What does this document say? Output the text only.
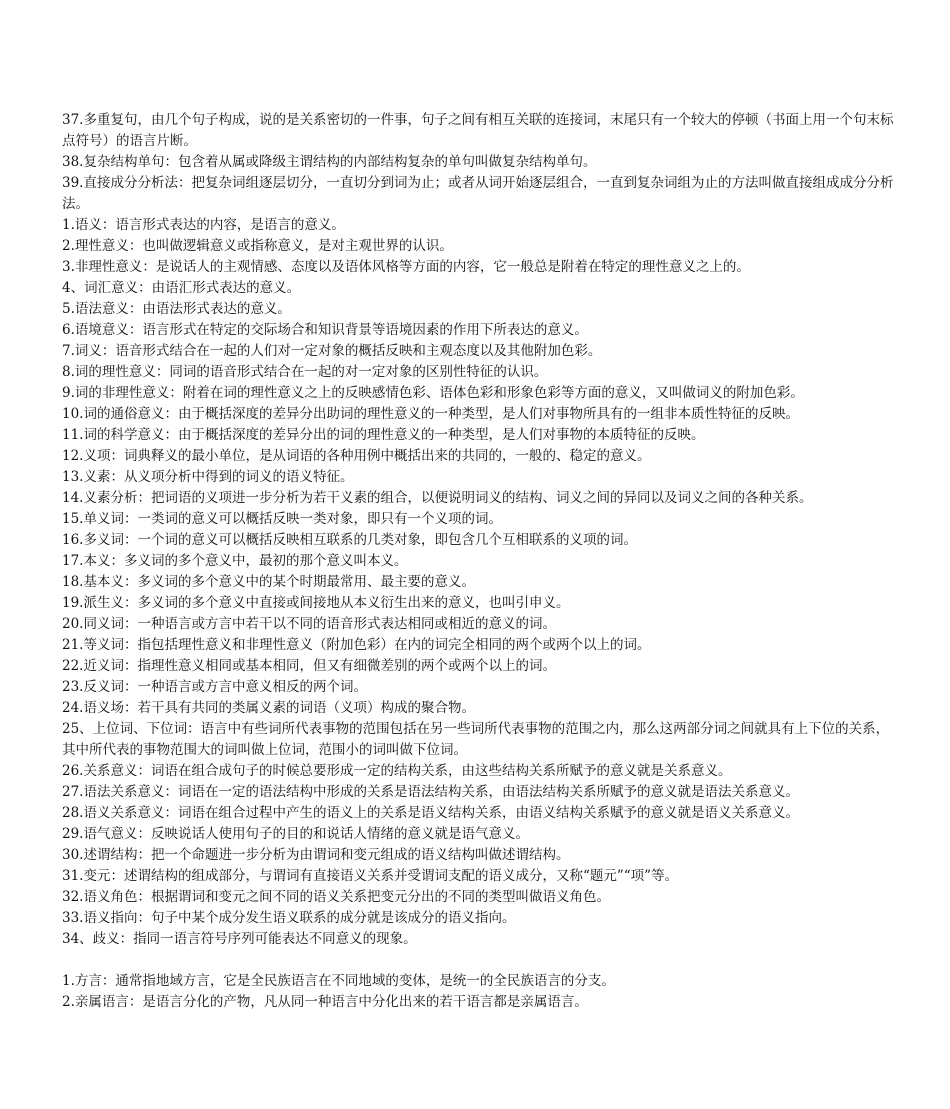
37.多重复句，由几个句子构成，说的是关系密切的一件事，句子之间有相互关联的连接词，末尾只有一个较大的停顿（书面上用一个句末标点符号）的语言片断。

38.复杂结构单句：包含着从属或降级主谓结构的内部结构复杂的单句叫做复杂结构单句。

39.直接成分分析法：把复杂词组逐层切分，一直切分到词为止；或者从词开始逐层组合，一直到复杂词组为止的方法叫做直接组成成分分析法。

1.语义：语言形式表达的内容，是语言的意义。

2.理性意义：也叫做逻辑意义或指称意义，是对主观世界的认识。

3.非理性意义：是说话人的主观情感、态度以及语体风格等方面的内容，它一般总是附着在特定的理性意义之上的。

4、词汇意义：由语汇形式表达的意义。

5.语法意义：由语法形式表达的意义。

6.语境意义：语言形式在特定的交际场合和知识背景等语境因素的作用下所表达的意义。

7.词义：语音形式结合在一起的人们对一定对象的概括反映和主观态度以及其他附加色彩。

8.词的理性意义：同词的语音形式结合在一起的对一定对象的区别性特征的认识。

9.词的非理性意义：附着在词的理性意义之上的反映感情色彩、语体色彩和形象色彩等方面的意义，又叫做词义的附加色彩。

10.词的通俗意义：由于概括深度的差异分出助词的理性意义的一种类型，是人们对事物所具有的一组非本质性特征的反映。

11.词的科学意义：由于概括深度的差异分出的词的理性意义的一种类型，是人们对事物的本质特征的反映。

12.义项：词典释义的最小单位，是从词语的各种用例中概括出来的共同的，一般的、稳定的意义。

13.义素：从义项分析中得到的词义的语义特征。

14.义素分析：把词语的义项进一步分析为若干义素的组合，以便说明词义的结构、词义之间的异同以及词义之间的各种关系。

15.单义词：一类词的意义可以概括反映一类对象，即只有一个义项的词。

16.多义词：一个词的意义可以概括反映相互联系的几类对象，即包含几个互相联系的义项的词。

17.本义：多义词的多个意义中，最初的那个意义叫本义。

18.基本义：多义词的多个意义中的某个时期最常用、最主要的意义。

19.派生义：多义词的多个意义中直接或间接地从本义衍生出来的意义，也叫引申义。

20.同义词：一种语言或方言中若干以不同的语音形式表达相同或相近的意义的词。

21.等义词：指包括理性意义和非理性意义（附加色彩）在内的词完全相同的两个或两个以上的词。

22.近义词：指理性意义相同或基本相同，但又有细微差别的两个或两个以上的词。

23.反义词：一种语言或方言中意义相反的两个词。

24.语义场：若干具有共同的类属义素的词语（义项）构成的聚合物。

25、上位词、下位词：语言中有些词所代表事物的范围包括在另一些词所代表事物的范围之内，那么这两部分词之间就具有上下位的关系，其中所代表的事物范围大的词叫做上位词，范围小的词叫做下位词。

26.关系意义：词语在组合成句子的时候总要形成一定的结构关系，由这些结构关系所赋予的意义就是关系意义。

27.语法关系意义：词语在一定的语法结构中形成的关系是语法结构关系，由语法结构关系所赋予的意义就是语法关系意义。

28.语义关系意义：词语在组合过程中产生的语义上的关系是语义结构关系，由语义结构关系赋予的意义就是语义关系意义。

29.语气意义：反映说话人使用句子的目的和说话人情绪的意义就是语气意义。

30.述谓结构：把一个命题进一步分析为由谓词和变元组成的语义结构叫做述谓结构。

31.变元：述谓结构的组成部分，与谓词有直接语义关系并受谓词支配的语义成分，又称“题元”“项”等。

32.语义角色：根据谓词和变元之间不同的语义关系把变元分出的不同的类型叫做语义角色。

33.语义指向：句子中某个成分发生语义联系的成分就是该成分的语义指向。

34、歧义：指同一语言符号序列可能表达不同意义的现象。

1.方言：通常指地域方言，它是全民族语言在不同地域的变体，是统一的全民族语言的分支。

2.亲属语言：是语言分化的产物，凡从同一种语言中分化出来的若干语言都是亲属语言。
